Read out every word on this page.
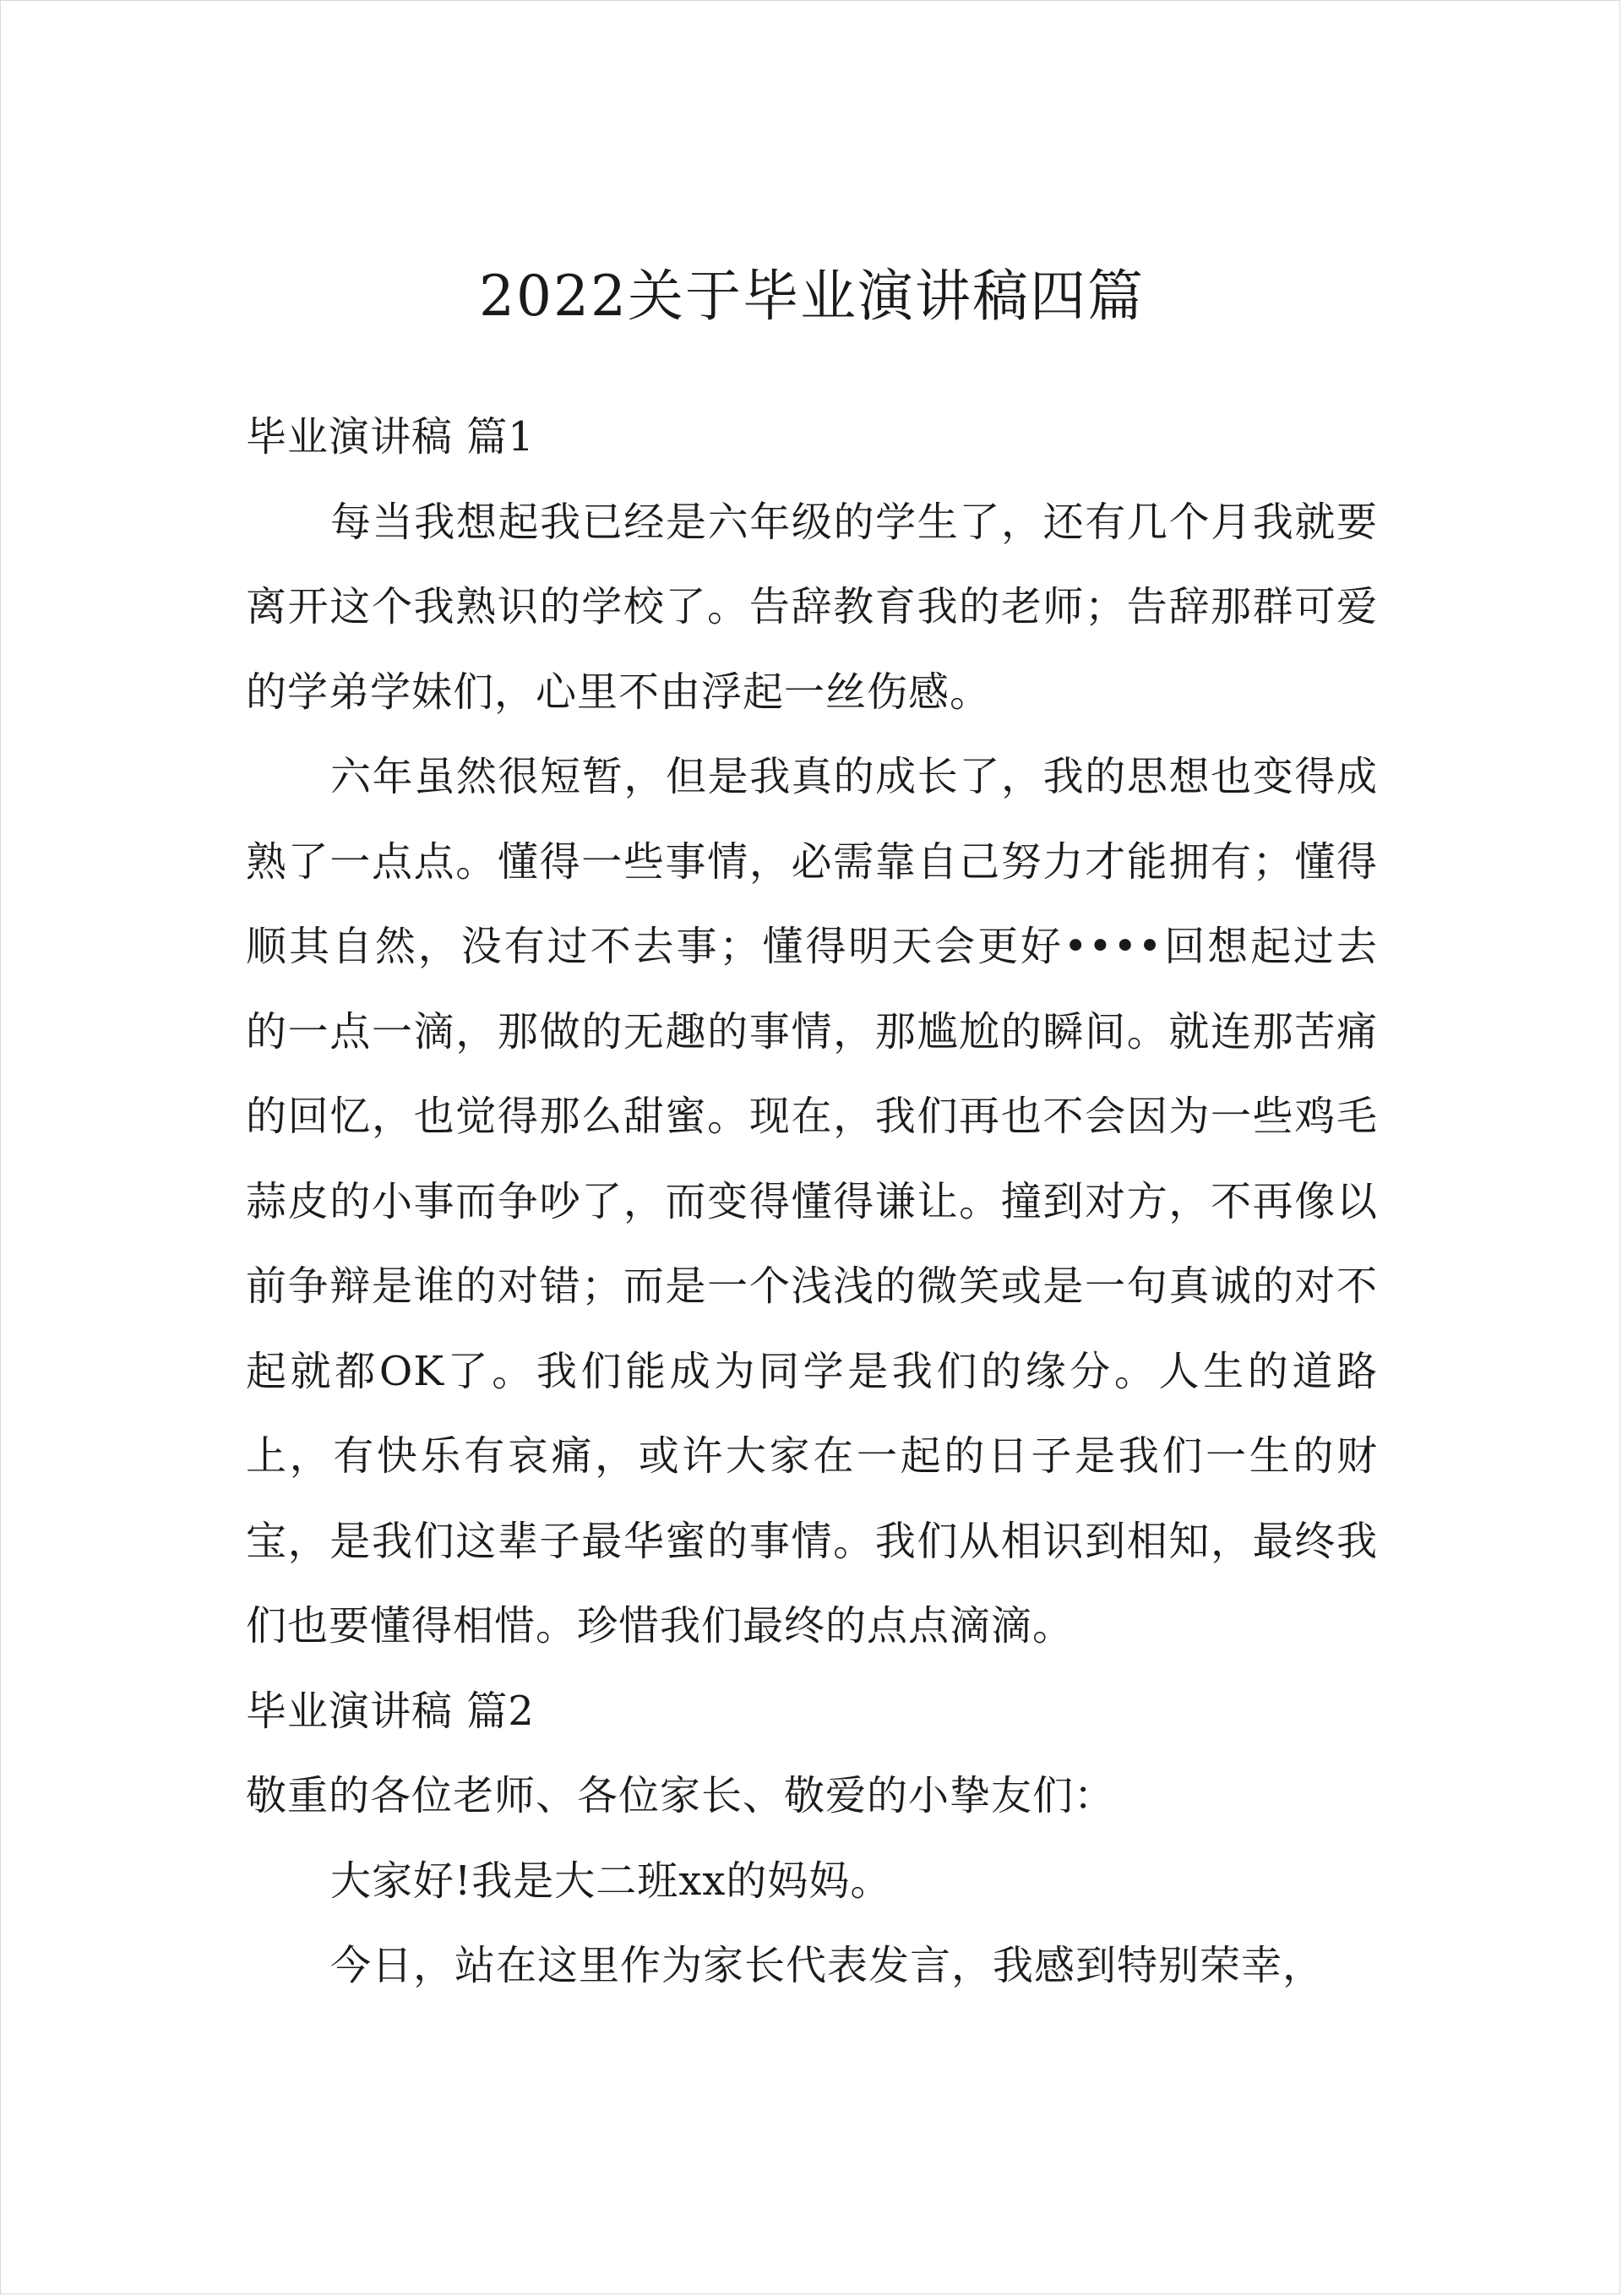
2022关于毕业演讲稿四篇

毕业演讲稿 篇1

每当我想起我已经是六年级的学生了，还有几个月我就要离开这个我熟识的学校了。告辞教育我的老师；告辞那群可爱的学弟学妹们，心里不由浮起一丝伤感。

六年虽然很短暂，但是我真的成长了，我的思想也变得成熟了一点点。懂得一些事情，必需靠自己努力才能拥有；懂得顺其自然，没有过不去事；懂得明天会更好••••回想起过去的一点一滴，那做的无趣的事情，那尴尬的瞬间。就连那苦痛的回忆，也觉得那么甜蜜。现在，我们再也不会因为一些鸡毛蒜皮的小事而争吵了，而变得懂得谦让。撞到对方，不再像以前争辩是谁的对错；而是一个浅浅的微笑或是一句真诚的对不起就都OK了。我们能成为同学是我们的缘分。人生的道路上，有快乐有哀痛，或许大家在一起的日子是我们一生的财宝，是我们这辈子最华蜜的事情。我们从相识到相知，最终我们也要懂得相惜。珍惜我们最终的点点滴滴。

毕业演讲稿 篇2

敬重的各位老师、各位家长、敬爱的小挚友们：

大家好!我是大二班xx的妈妈。

今日，站在这里作为家长代表发言，我感到特别荣幸，
